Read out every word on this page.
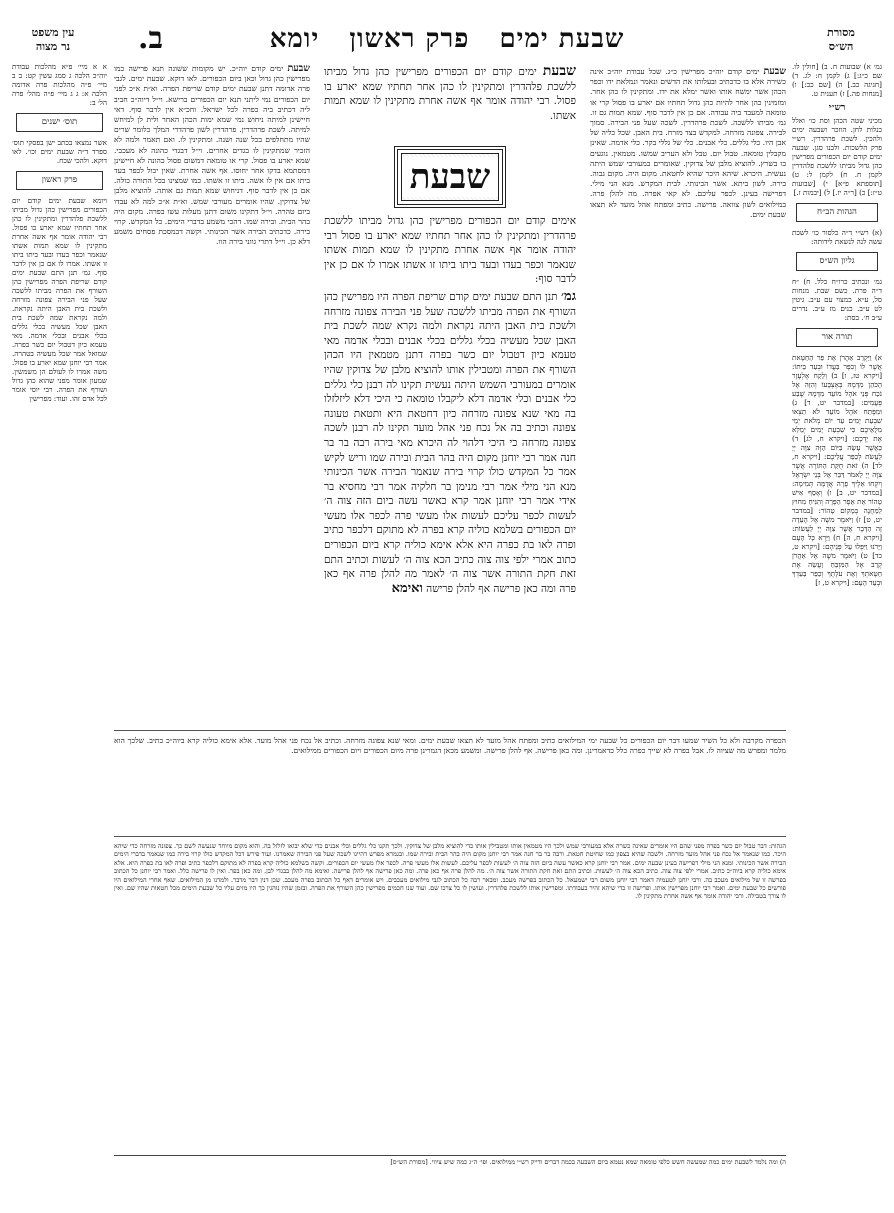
מסורת
הש״ס
שבעת ימים פרק ראשון יומא
ב.
עין משפט
נר מצוה

גמ׳ א) שבועות ח. ב) [חולין לו. שם כ״ג:] ג) לקמן ח: לג. ד) [חגיגה כב.] ה) [שם כב:] ו) [מנחות פה.] ז) תענית ט.

רש״י

מכיני שטה הכהן וסת כו׳ ואלל כנלות לחן. הוזכר ושבעה ימים ולהכין. לשכת פרהדרין. רש״י פרק הלשכות. ולבנו סגן. שבעה ימים קודם יום הכפורים מפרישין כהן גדול מביתו ללשכת פלהדרין לקמן ח. ח) לקמן ל: ט) [תוספתא פ״א] י) [שבועות ט״ז:] כ) [ר״ה יז.] ל) [יבמות ז.]

הגהות הב״ח

(א) רש״י ד״ה כלסור כו׳ לשכת עשה לנה לנשאת לידותה:

גליון הש״ס

גמ׳ ונכתיב כרו״ח כלל. ח) ״ח ד״ה פרת. כשם שבת. מנחות סל, ע״א. כמצוי עם ע״ב. גיטין לט ע״ב. כנים מז ע״ב. נדרים ע״ב ח׳. בסת:

תורה אור

א) וַיַּקְרֵב אַהֲרֹן אֶת פַּר הַחַטָּאת אֲשֶׁר לוֹ וְכִפֶּר בַּעֲדוֹ וּבְעַד בֵּיתוֹ: [ויקרא טז, ו] ב) וְלָקַח אֶלְעָזָר הַכֹּהֵן מִדָּמָהּ בְּאֶצְבָּעוֹ וְהִזָּה אֶל נֹכַח פְּנֵי אֹהֶל מוֹעֵד מִדָּמָהּ שֶׁבַע פְּעָמִים: [במדבר יט, ד] ג) וּמִפֶּתַח אֹהֶל מוֹעֵד לֹא תֵצְאוּ שִׁבְעַת יָמִים עַד יוֹם מְלֹאת יְמֵי מִלֻּאֵיכֶם כִּי שִׁבְעַת יָמִים יְמַלֵּא אֶת יֶדְכֶם: [ויקרא ח, לג] ד) כַּאֲשֶׁר עָשָׂה בַּיּוֹם הַזֶּה צִוָּה יְיָ לַעֲשֹׂת לְכַפֵּר עֲלֵיכֶם: [ויקרא ח, לד] ה) זֹאת חֻקַּת הַתּוֹרָה אֲשֶׁר צִוָּה יְיָ לֵאמֹר דַּבֵּר אֶל בְּנֵי יִשְׂרָאֵל וְיִקְחוּ אֵלֶיךָ פָרָה אֲדֻמָּה תְּמִימָה: [במדבר יט, ב] ו) וְאָסַף אִישׁ טָהוֹר אֵת אֵפֶר הַפָּרָה וְהִנִּיחַ מִחוּץ לַמַּחֲנֶה בְּמָקוֹם טָהוֹר: [במדבר יט, ט] ז) וַיֹּאמֶר משֶׁה אֶל הָעֵדָה זֶה הַדָּבָר אֲשֶׁר צִוָּה יְיָ לַעֲשׂוֹת: [ויקרא ח, ה] ח) וַיַּרְא כָּל הָעָם וַיָּרֹנּוּ וַיִּפְּלוּ עַל פְּנֵיהֶם: [ויקרא ט, כד] ט) וַיֹּאמֶר משֶׁה אֶל אַהֲרֹן קְרַב אֶל הַמִּזְבֵּחַ וַעֲשֵׂה אֶת חַטָּאתְךָ וְאֶת עֹלָתֶךָ וְכַפֵּר בַּעַדְךָ וּבְעַד הָעָם: [ויקרא ט, ז]

א א מיי׳ פ״א מהלכות עבודת יוה״כ הלכה ג סמג עשין קט: ב ב מיי׳ פ״ה מהלכות פרה אדומה הלכה א: ג ג מיי׳ פ״ה מהל׳ פרה הל׳ ב:

תוס׳ ישנים

אשר נמצאו בכתב ישן בפסקי תוס׳ ספרד ד״ה שבעת ימים וכו׳. לאו דוקא. ולהכי שכח.

פרק ראשון

ויומא שבעת ימים קודם יום הכפורים מפרישין כהן גדול מביתו ללשכת פלהדרין ומתקינין לו כהן אחר תחתיו שמא יארע בו פסול. רבי יהודה אומר אף אשה אחרת מתקינין לו שמא תמות אשתו שנאמר וכפר בעדו ובעד ביתו ביתו זו אשתו. אמרו לו אם כן אין לדבר סוף. גמ׳ תנן התם שבעת ימים קודם שריפת הפרה מפרישין כהן השורף את הפרה מביתו ללשכה שעל פני הבירה צפונה מזרחה ולשכת בית האבן היתה נקראת. ולמה נקראת שמה לשכת בית האבן שכל מעשיה בכלי גללים בכלי אבנים ובכלי אדמה. מאי טעמא כיון דטבול יום כשר בפרה. שמואל אמר שכל מעשיה בטהרה. אמר רבי יוחנן שמא יארע בו פסול. משה אמרו לו לעולם הן משמשין. שמעון אומר מפני שהוא כהן גדול ושורף את הפרה. רבי יוסי אומר לכל אדם זהו. ועוד: מפרישין

שבעת ימים קודם יום הכפורים מפרישין כהן גדול מביתו ללשכת פלהדרין ומתקינין לו כהן אחר תחתיו שמא יארע בו פסול. רבי יהודה אומר אף אשה אחרת מתקינין לו שמא תמות אשתו.
שבעת

שבעת ימים קודם יוה״כ מפרישין כ״ג. שכל עבודת יוה״כ אינה כשירה אלא בו כדכתיב ובעלותו את הדשים ונאמר ונמלאת ידו וכפר הכהן אשר ימשח אותו ואשר ימלא את ידו. ומתקינין לו כהן אחר. ומזמינין כהן אחר להיות כהן גדול תחתיו אם יארע בו פסול קרי או טומאה למעבד ביה עבודה. אם כן אין לדבר סוף. שמא תמות גם זו. גמ׳ מביתו ללשכה. לשכת פרהדרין. לשכה שעל פני הבירה. סמוך לבירה. צפונה מזרחה. למקדש בצד מזרח. בית האבן. שכל כליה של אבן היו. כלי גללים. כלי אבנים. כלי של גללי בקר. כלי אדמה. שאינן מקבלין טומאה. טבול יום. טבל ולא העריב שמשו. מטמאין. נוגעים בו בשרץ. להוציא מלבן של צדוקין. שאומרים במעורבי שמש היתה נעשית. היכרא. שיהא היכר שהיא לחטאת. מקום היה. מקום גבוה. בירה. לשון ביתא. אשר הכינותי. לבית המקדש. מנא הני מילי. דפרישה בעינן. לכפר עליכם. לא קאי אפרה. מה להלן פרה. במילואים לשון צוואה. פרישה. כתיב ומפתח אהל מועד לא תצאו שבעת ימים.
שבעת ימים קודם יוה״כ. יש מקומות ששונה תנא פרישה כמו מפרישין כהן גדול וכאן ביום הכפורים. לאו דוקא. שבעת ימים. לגבי פרה אדומה דתנן שבעת ימים קודם שריפת הפרה. וא״ת א״כ לפני יום הכפורים נמי ליתני תנא יום הכפורים ברישא. וי״ל דיוה״כ חביב ליה דכתיב ביה כפרה לכל ישראל. וחכ״א אין לדבר סוף. דאי חיישינן למיתה ניחוש נמי שמא ימות הכהן האחר ולית לן למיחש למיתה. לשכת פרהדרין. פרהדרין לשון פרהדרי המלך כלומר שרים שהיו מתחלפים בכל שנה ושנה. ומתקינין לו. ואם תאמר ולמה לא הזכיר שמתקינין לו בגדים אחרים. וי״ל דבגדי כהונה לא מעכבי. שמא יארע בו פסול. קרי או טומאה דמשום פסול כהונה לא חיישינן דמסתמא בדקו אחר יחוסו. אף אשה אחרת. שאין יכול לכפר בעד ביתו אם אין לו אשה. ביתו זו אשתו. כמו שמצינו בכל התורה כולה. אם כן אין לדבר סוף. דניחוש שמא תמות גם אותה. להוציא מלבן של צדוקין. שהיו אומרים מעורבי שמש. וא״ת א״כ למה לא עבדו ביום טהרה. וי״ל דתקינו משום דתנן מעלות עשו בפרה. מקום היה בהר הבית. ובירה שמו. דהכי משמע בדברי הימים. כל המקדש. קרוי בירה. כדכתיב הבירה אשר הכינותי. וקשה דבמסכת פסחים משמע דלא כן. וי״ל דתרי גווני בירה הוו.

אימים קודם יום הכפורים מפרישין כהן גדול מביתו ללשכת פרהדרין ומתקינין לו כהן אחר תחתיו שמא יארע בו פסול רבי יהודה אומר אף אשה אחרת מתקינין לו שמא תמות אשתו שנאמר וכפר בעדו ובעד ביתו ביתו זו אשתו אמרו לו אם כן אין לדבר סוף:

גמ׳ תנן התם שבעת ימים קודם שריפת הפרה היו מפרישין כהן השורף את הפרה מביתו ללשכה שעל פני הבירה צפונה מזרחה ולשכת בית האבן היתה נקראת ולמה נקרא שמה לשכת בית האבן שכל מעשיה בכלי גללים בכלי אבנים ובכלי אדמה מאי טעמא כיון דטבול יום כשר בפרה דתנן מטמאין היו הכהן השורף את הפרה ומטבילין אותו להוציא מלבן של צדוקין שהיו אומרים במעורבי השמש היתה נעשית תקינו לה רבנן כלי גללים כלי אבנים וכלי אדמה דלא ליקבלו טומאה כי היכי דלא ליזלזלו בה מאי שנא צפונה מזרחה כיון דחטאת היא ותטאת טעונה צפונה וכתיב בה אל נכח פני אהל מועד תקינו לה רבנן לשכה צפונה מזרחה כי היכי דלהוי לה היכרא מאי בירה רבה בר בר חנה אמר רבי יוחנן מקום היה בהר הבית ובירה שמו וריש לקיש אמר כל המקדש כולו קרוי בירה שנאמר הבירה אשר הכינותי מנא הני מילי אמר רבי מנימן בר חלקיה אמר רבי מחסיא בר אידי אמר רבי יוחנן אמר קרא כאשר עשה ביום הזה צוה ה׳ לעשות לכפר עליכם לעשות אלו מעשי פרה לכפר אלו מעשי יום הכפורים בשלמא כוליה קרא בפרה לא מתוקם דלכפר כתיב ופרה לאו בת כפרה היא אלא אימא כוליה קרא ביום הכפורים כתוב אמרי ילפי צוה צוה כתיב הכא צוה ה׳ לעשות וכתיב התם זאת חקת התורה אשר צוה ה׳ לאמר מה להלן פרה אף כאן פרה ומה כאן פרישה אף להלן פרישה ואימא

הכפרה מקרבה ולא כל השיר שמעו דבר יום הכפורים כל שבעה ימי המילואים כתיב ומפתח אהל מועד לא תצאו שבעת ימים. ומאי שנא צפונה מזרחה. וכתיב אל נכח פני אהל מועד. אלא אימא כוליה קרא ביוה״כ כתיב. שלכך הוא מלמד ומפרש מה שציוה לו. אבל בפרה לא שייך כפרה כלל כדאמרינן. ומה כאן פרישה. אף להלן פרישה. ומשמע מכאן דגמרינן פרה מיום הכפורים ויום הכפורים ממילואים.

הגהות: דבר טבול יום כשר בפרה מפני שהם היו אומרים שאינה כשרה אלא במעורבי שמש ולכך היו מטמאין אותו ומטבילין אותו כדי להוציא מלבן של צדוקין. ולכך תקנו כלי גללים וכלי אבנים כדי שלא יבואו לזלזל בה. והוא מקום מיוחד שנעשה לשם כך. צפונה מזרחה כדי שיהא היכר. כמו שנאמר אל נכח פני אהל מועד מזרחה. ולשכה שהיא בצפון כמו שחיטת חטאת. ורבה בר בר חנה אמר רבי יוחנן מקום היה בהר הבית ובירה שמו. ובגמרא מפרש דהיינו לשכה שעל פני הבירה שאמרנו. ועוד פירש דכל המקדש כולו קרוי בירה כמו שנאמר בדברי הימים הבירה אשר הכינותי. ומנא הני מילי דפרישה בעינן שבעה ימים. אמר רבי יוחנן קרא כאשר עשה ביום הזה צוה ה׳ לעשות לכפר עליכם. לעשות אלו מעשי פרה. לכפר אלו מעשי יום הכפורים. וקשה בשלמא כוליה קרא בפרה לא מתוקם דלכפר כתיב ופרה לאו בת כפרה היא. אלא אימא כוליה קרא ביוה״כ כתיב. אמרי ילפי צוה צוה. כתיב הכא צוה ה׳ לעשות. וכתיב התם זאת חקת התורה אשר צוה ה׳. מה להלן פרה אף כאן פרה. ומה כאן פרישה אף להלן פרישה. ואימא מה להלן בבגדי לבן. ומה כאן בפר. ואין לו פרישה כלל. ואמר רבי יוחנן כל הכתוב בפרשה זו של מילואים מעכב בה. ורבי יוחנן לטעמיה דאמר רבי יוחנן משום רבי ישמעאל. כל הכתוב בפרשה מעכב. ומבאר רבה כל הכתוב לגבי מילואים מעכבים. ויש אומרים דאף כל הכתוב בפרה מעכב. שכן דנין דבר מדבר. ולמדנו מן המילואים. שאף אחרי המילואים היו פורשים כל שבעת ימים. ואמר רבי יוחנן מפרישין אותו. ופרישה זו כדי שיהא זהיר בעבודתו. ומפרישין אותו ללשכת פלהדרין. ועושין לו כל צרכו שם. ועוד שנו חכמים מפרישין כהן השורף את הפרה. ובזמן שהיו נוהגין כך היו מזים עליו כל שבעת הימים מכל חטאות שהיו שם. ואין לו צורך בטבילה. ורבי יהודה אומר אף אשה אחרת מתקינין לו.

ה) ומה נלמד לשבעת ימים כמה שמעשה חשש כלפי טומאה שמא נטמא ביום השבעה בכמה דברים ודייק רש״י ממילואים. ופי׳ ה״ג כמה שיש ציווי. [מסורת הש״ס]
